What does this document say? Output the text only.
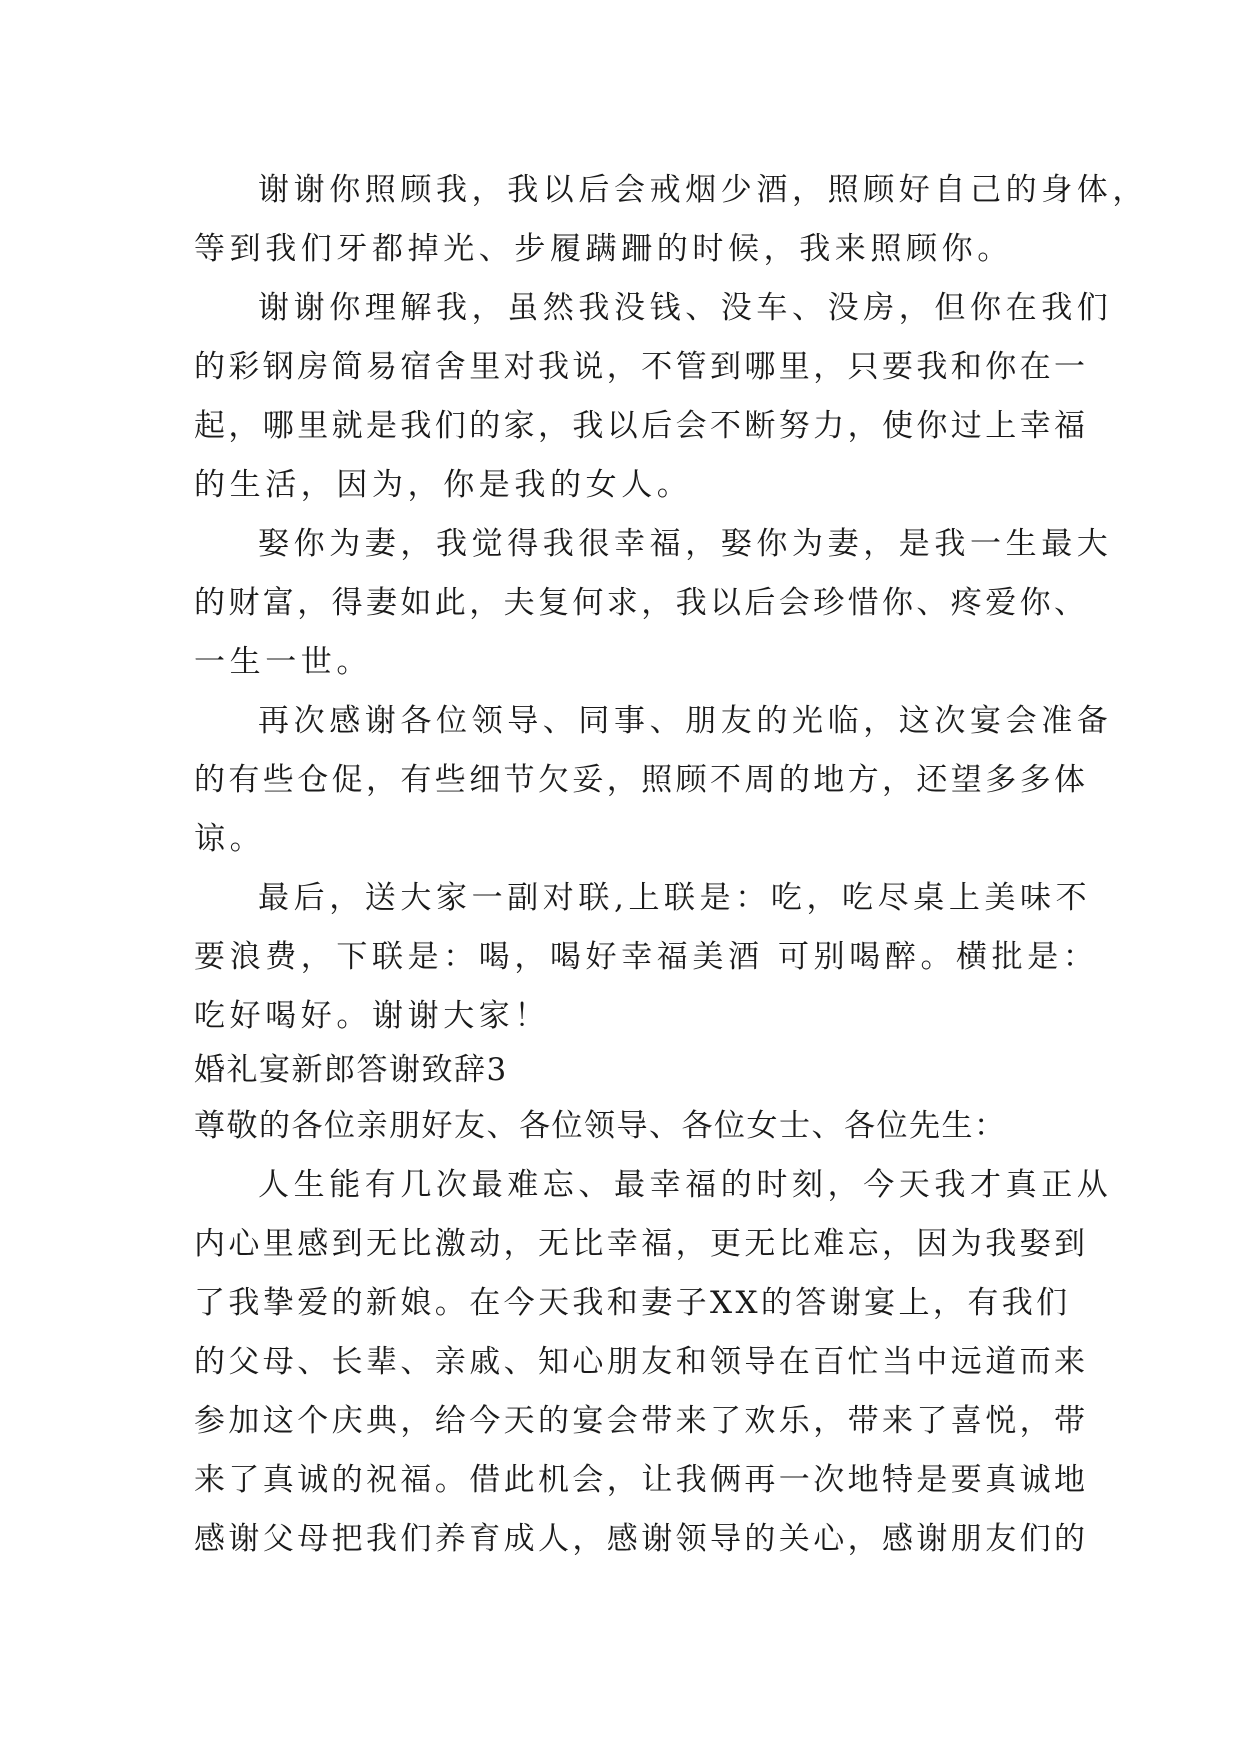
谢谢你照顾我，我以后会戒烟少酒，照顾好自己的身体，
等到我们牙都掉光、步履蹒跚的时候，我来照顾你。
谢谢你理解我，虽然我没钱、没车、没房，但你在我们
的彩钢房简易宿舍里对我说，不管到哪里，只要我和你在一
起，哪里就是我们的家，我以后会不断努力，使你过上幸福
的生活，因为，你是我的女人。
娶你为妻，我觉得我很幸福，娶你为妻，是我一生最大
的财富，得妻如此，夫复何求，我以后会珍惜你、疼爱你、
一生一世。
再次感谢各位领导、同事、朋友的光临，这次宴会准备
的有些仓促，有些细节欠妥，照顾不周的地方，还望多多体
谅。
最后，送大家一副对联,上联是：吃，吃尽桌上美味不
要浪费，下联是：喝，喝好幸福美酒 可别喝醉。横批是：
吃好喝好。谢谢大家！
婚礼宴新郎答谢致辞3
尊敬的各位亲朋好友、各位领导、各位女士、各位先生：
人生能有几次最难忘、最幸福的时刻，今天我才真正从
内心里感到无比激动，无比幸福，更无比难忘，因为我娶到
了我挚爱的新娘。在今天我和妻子XX的答谢宴上，有我们
的父母、长辈、亲戚、知心朋友和领导在百忙当中远道而来
参加这个庆典，给今天的宴会带来了欢乐，带来了喜悦，带
来了真诚的祝福。借此机会，让我俩再一次地特是要真诚地
感谢父母把我们养育成人，感谢领导的关心，感谢朋友们的
